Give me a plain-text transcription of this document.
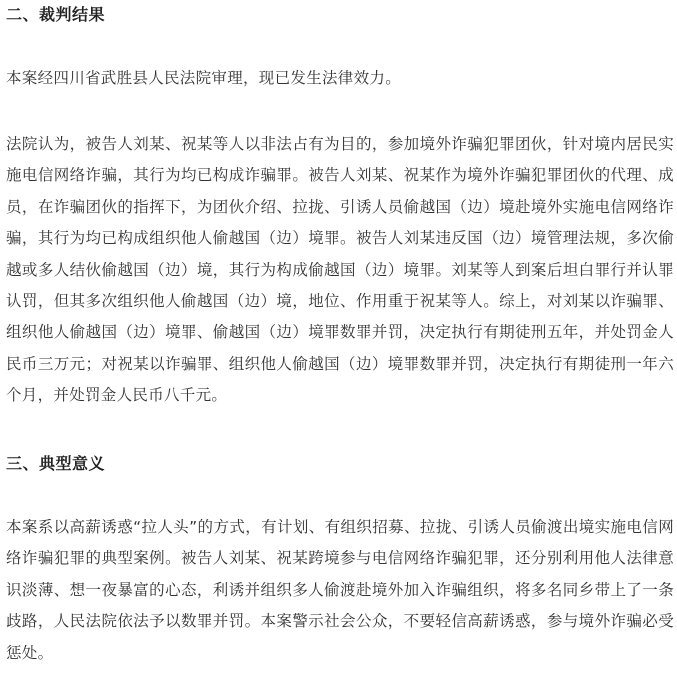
二、裁判结果

本案经四川省武胜县人民法院审理，现已发生法律效力。

法院认为，被告人刘某、祝某等人以非法占有为目的，参加境外诈骗犯罪团伙，针对境内居民实施电信网络诈骗，其行为均已构成诈骗罪。被告人刘某、祝某作为境外诈骗犯罪团伙的代理、成员，在诈骗团伙的指挥下，为团伙介绍、拉拢、引诱人员偷越国（边）境赴境外实施电信网络诈骗，其行为均已构成组织他人偷越国（边）境罪。被告人刘某违反国（边）境管理法规，多次偷越或多人结伙偷越国（边）境，其行为构成偷越国（边）境罪。刘某等人到案后坦白罪行并认罪认罚，但其多次组织他人偷越国（边）境，地位、作用重于祝某等人。综上，对刘某以诈骗罪、组织他人偷越国（边）境罪、偷越国（边）境罪数罪并罚，决定执行有期徒刑五年，并处罚金人民币三万元；对祝某以诈骗罪、组织他人偷越国（边）境罪数罪并罚，决定执行有期徒刑一年六个月，并处罚金人民币八千元。

三、典型意义

本案系以高薪诱惑“拉人头”的方式，有计划、有组织招募、拉拢、引诱人员偷渡出境实施电信网络诈骗犯罪的典型案例。被告人刘某、祝某跨境参与电信网络诈骗犯罪，还分别利用他人法律意识淡薄、想一夜暴富的心态，利诱并组织多人偷渡赴境外加入诈骗组织，将多名同乡带上了一条歧路，人民法院依法予以数罪并罚。本案警示社会公众，不要轻信高薪诱惑，参与境外诈骗必受惩处。
